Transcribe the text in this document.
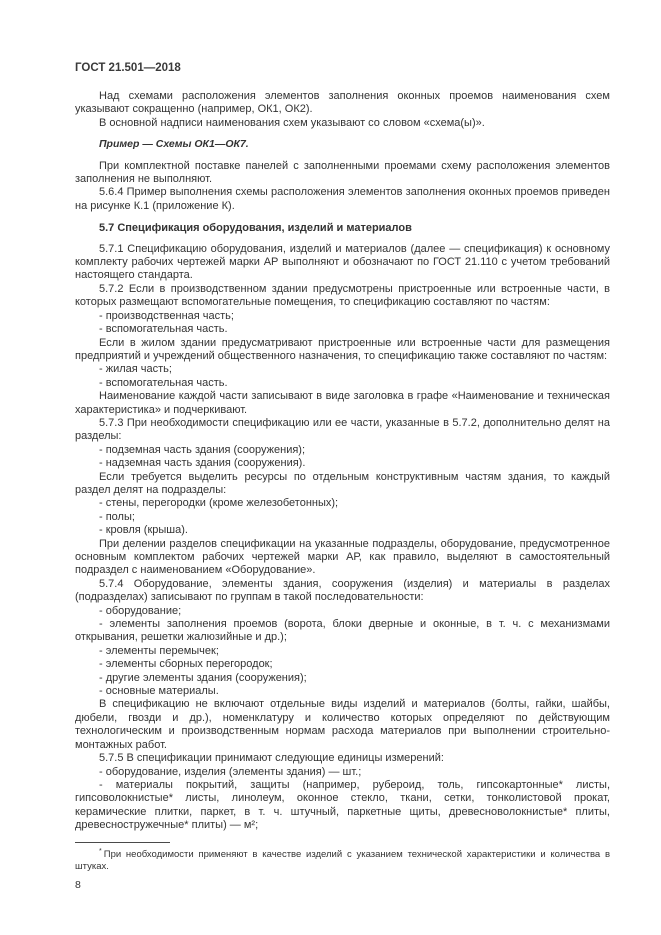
ГОСТ 21.501—2018

Над схемами расположения элементов заполнения оконных проемов наименования схем указывают сокращенно (например, ОК1, ОК2).

В основной надписи наименования схем указывают со словом «схема(ы)».

Пример — Схемы ОК1—ОК7.

При комплектной поставке панелей с заполненными проемами схему расположения элементов заполнения не выполняют.

5.6.4 Пример выполнения схемы расположения элементов заполнения оконных проемов приведен на рисунке К.1 (приложение К).

5.7 Спецификация оборудования, изделий и материалов

5.7.1 Спецификацию оборудования, изделий и материалов (далее — спецификация) к основному комплекту рабочих чертежей марки АР выполняют и обозначают по ГОСТ 21.110 с учетом требований настоящего стандарта.

5.7.2 Если в производственном здании предусмотрены пристроенные или встроенные части, в которых размещают вспомогательные помещения, то спецификацию составляют по частям:

- производственная часть;

- вспомогательная часть.

Если в жилом здании предусматривают пристроенные или встроенные части для размещения предприятий и учреждений общественного назначения, то спецификацию также составляют по частям:

- жилая часть;

- вспомогательная часть.

Наименование каждой части записывают в виде заголовка в графе «Наименование и техническая характеристика» и подчеркивают.

5.7.3 При необходимости спецификацию или ее части, указанные в 5.7.2, дополнительно делят на разделы:

- подземная часть здания (сооружения);

- надземная часть здания (сооружения).

Если требуется выделить ресурсы по отдельным конструктивным частям здания, то каждый раздел делят на подразделы:

- стены, перегородки (кроме железобетонных);

- полы;

- кровля (крыша).

При делении разделов спецификации на указанные подразделы, оборудование, предусмотренное основным комплектом рабочих чертежей марки АР, как правило, выделяют в самостоятельный подраздел с наименованием «Оборудование».

5.7.4 Оборудование, элементы здания, сооружения (изделия) и материалы в разделах (подразделах) записывают по группам в такой последовательности:

- оборудование;

- элементы заполнения проемов (ворота, блоки дверные и оконные, в т. ч. с механизмами открывания, решетки жалюзийные и др.);

- элементы перемычек;

- элементы сборных перегородок;

- другие элементы здания (сооружения);

- основные материалы.

В спецификацию не включают отдельные виды изделий и материалов (болты, гайки, шайбы, дюбели, гвозди и др.), номенклатуру и количество которых определяют по действующим технологическим и производственным нормам расхода материалов при выполнении строительно-монтажных работ.

5.7.5 В спецификации принимают следующие единицы измерений:

- оборудование, изделия (элементы здания) — шт.;

- материалы покрытий, защиты (например, рубероид, толь, гипсокартонные* листы, гипсоволокнистые* листы, линолеум, оконное стекло, ткани, сетки, тонколистовой прокат, керамические плитки, паркет, в т. ч. штучный, паркетные щиты, древесноволокнистые* плиты, древесностружечные* плиты) — м²;

* При необходимости применяют в качестве изделий с указанием технической характеристики и количества в штуках.

8
